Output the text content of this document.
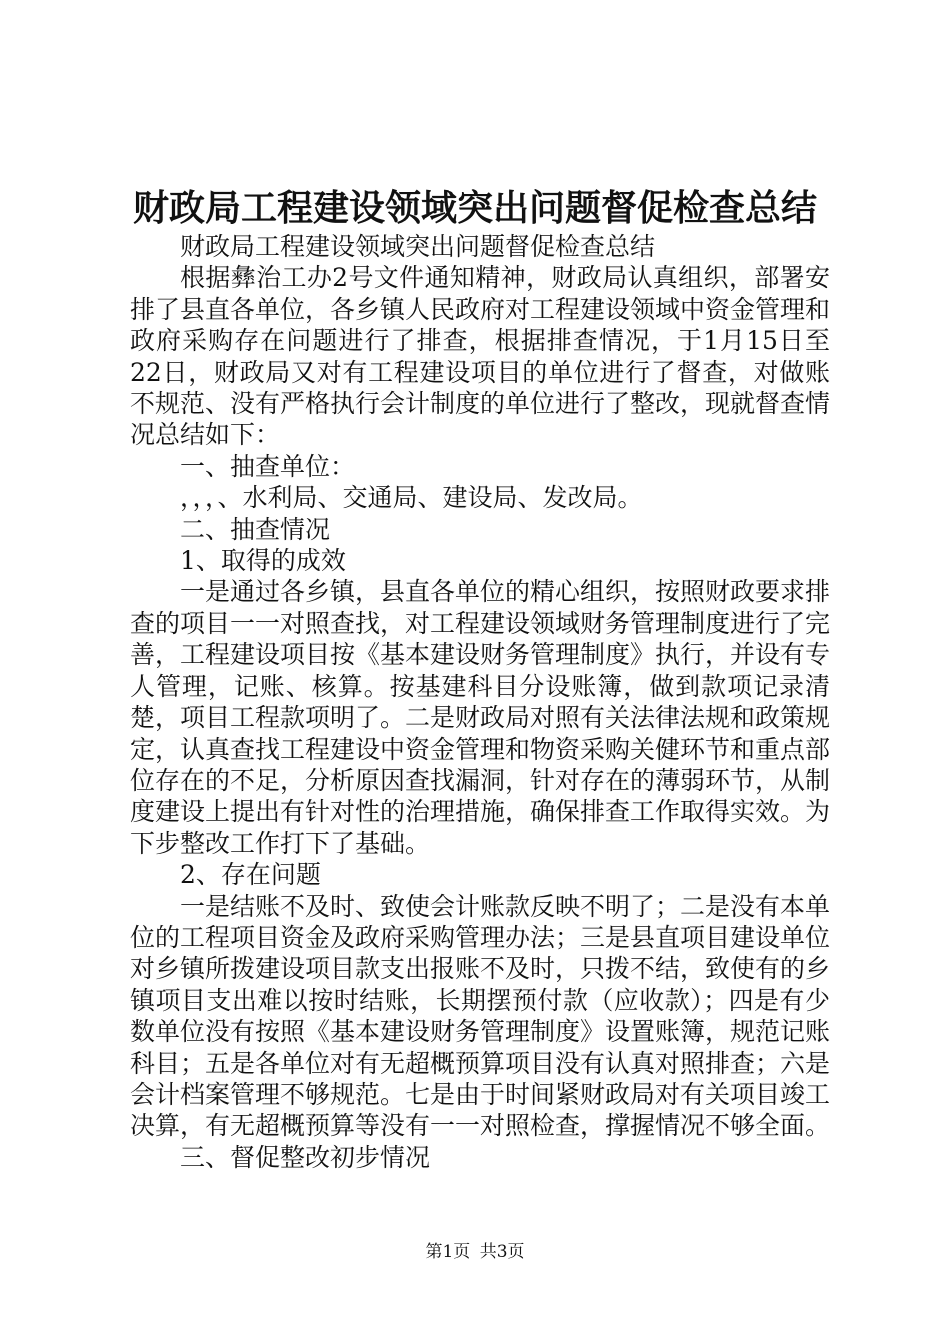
财政局工程建设领域突出问题督促检查总结

财政局工程建设领域突出问题督促检查总结

根据彝治工办2号文件通知精神，财政局认真组织，部署安排了县直各单位，各乡镇人民政府对工程建设领域中资金管理和政府采购存在问题进行了排查，根据排查情况，于1月15日至22日，财政局又对有工程建设项目的单位进行了督查，对做账不规范、没有严格执行会计制度的单位进行了整改，现就督查情况总结如下：

一、抽查单位：

，，，、水利局、交通局、建设局、发改局。

二、抽查情况

1、取得的成效

一是通过各乡镇，县直各单位的精心组织，按照财政要求排查的项目一一对照查找，对工程建设领域财务管理制度进行了完善，工程建设项目按《基本建设财务管理制度》执行，并设有专人管理，记账、核算。按基建科目分设账簿，做到款项记录清楚，项目工程款项明了。二是财政局对照有关法律法规和政策规定，认真查找工程建设中资金管理和物资采购关健环节和重点部位存在的不足，分析原因查找漏洞，针对存在的薄弱环节，从制度建设上提出有针对性的治理措施，确保排查工作取得实效。为下步整改工作打下了基础。

2、存在问题

一是结账不及时、致使会计账款反映不明了；二是没有本单位的工程项目资金及政府采购管理办法；三是县直项目建设单位对乡镇所拨建设项目款支出报账不及时，只拨不结，致使有的乡镇项目支出难以按时结账，长期摆预付款（应收款）；四是有少数单位没有按照《基本建设财务管理制度》设置账簿，规范记账科目；五是各单位对有无超概预算项目没有认真对照排查；六是会计档案管理不够规范。七是由于时间紧财政局对有关项目竣工决算，有无超概预算等没有一一对照检查，撑握情况不够全面。

三、督促整改初步情况

第1页 共3页
